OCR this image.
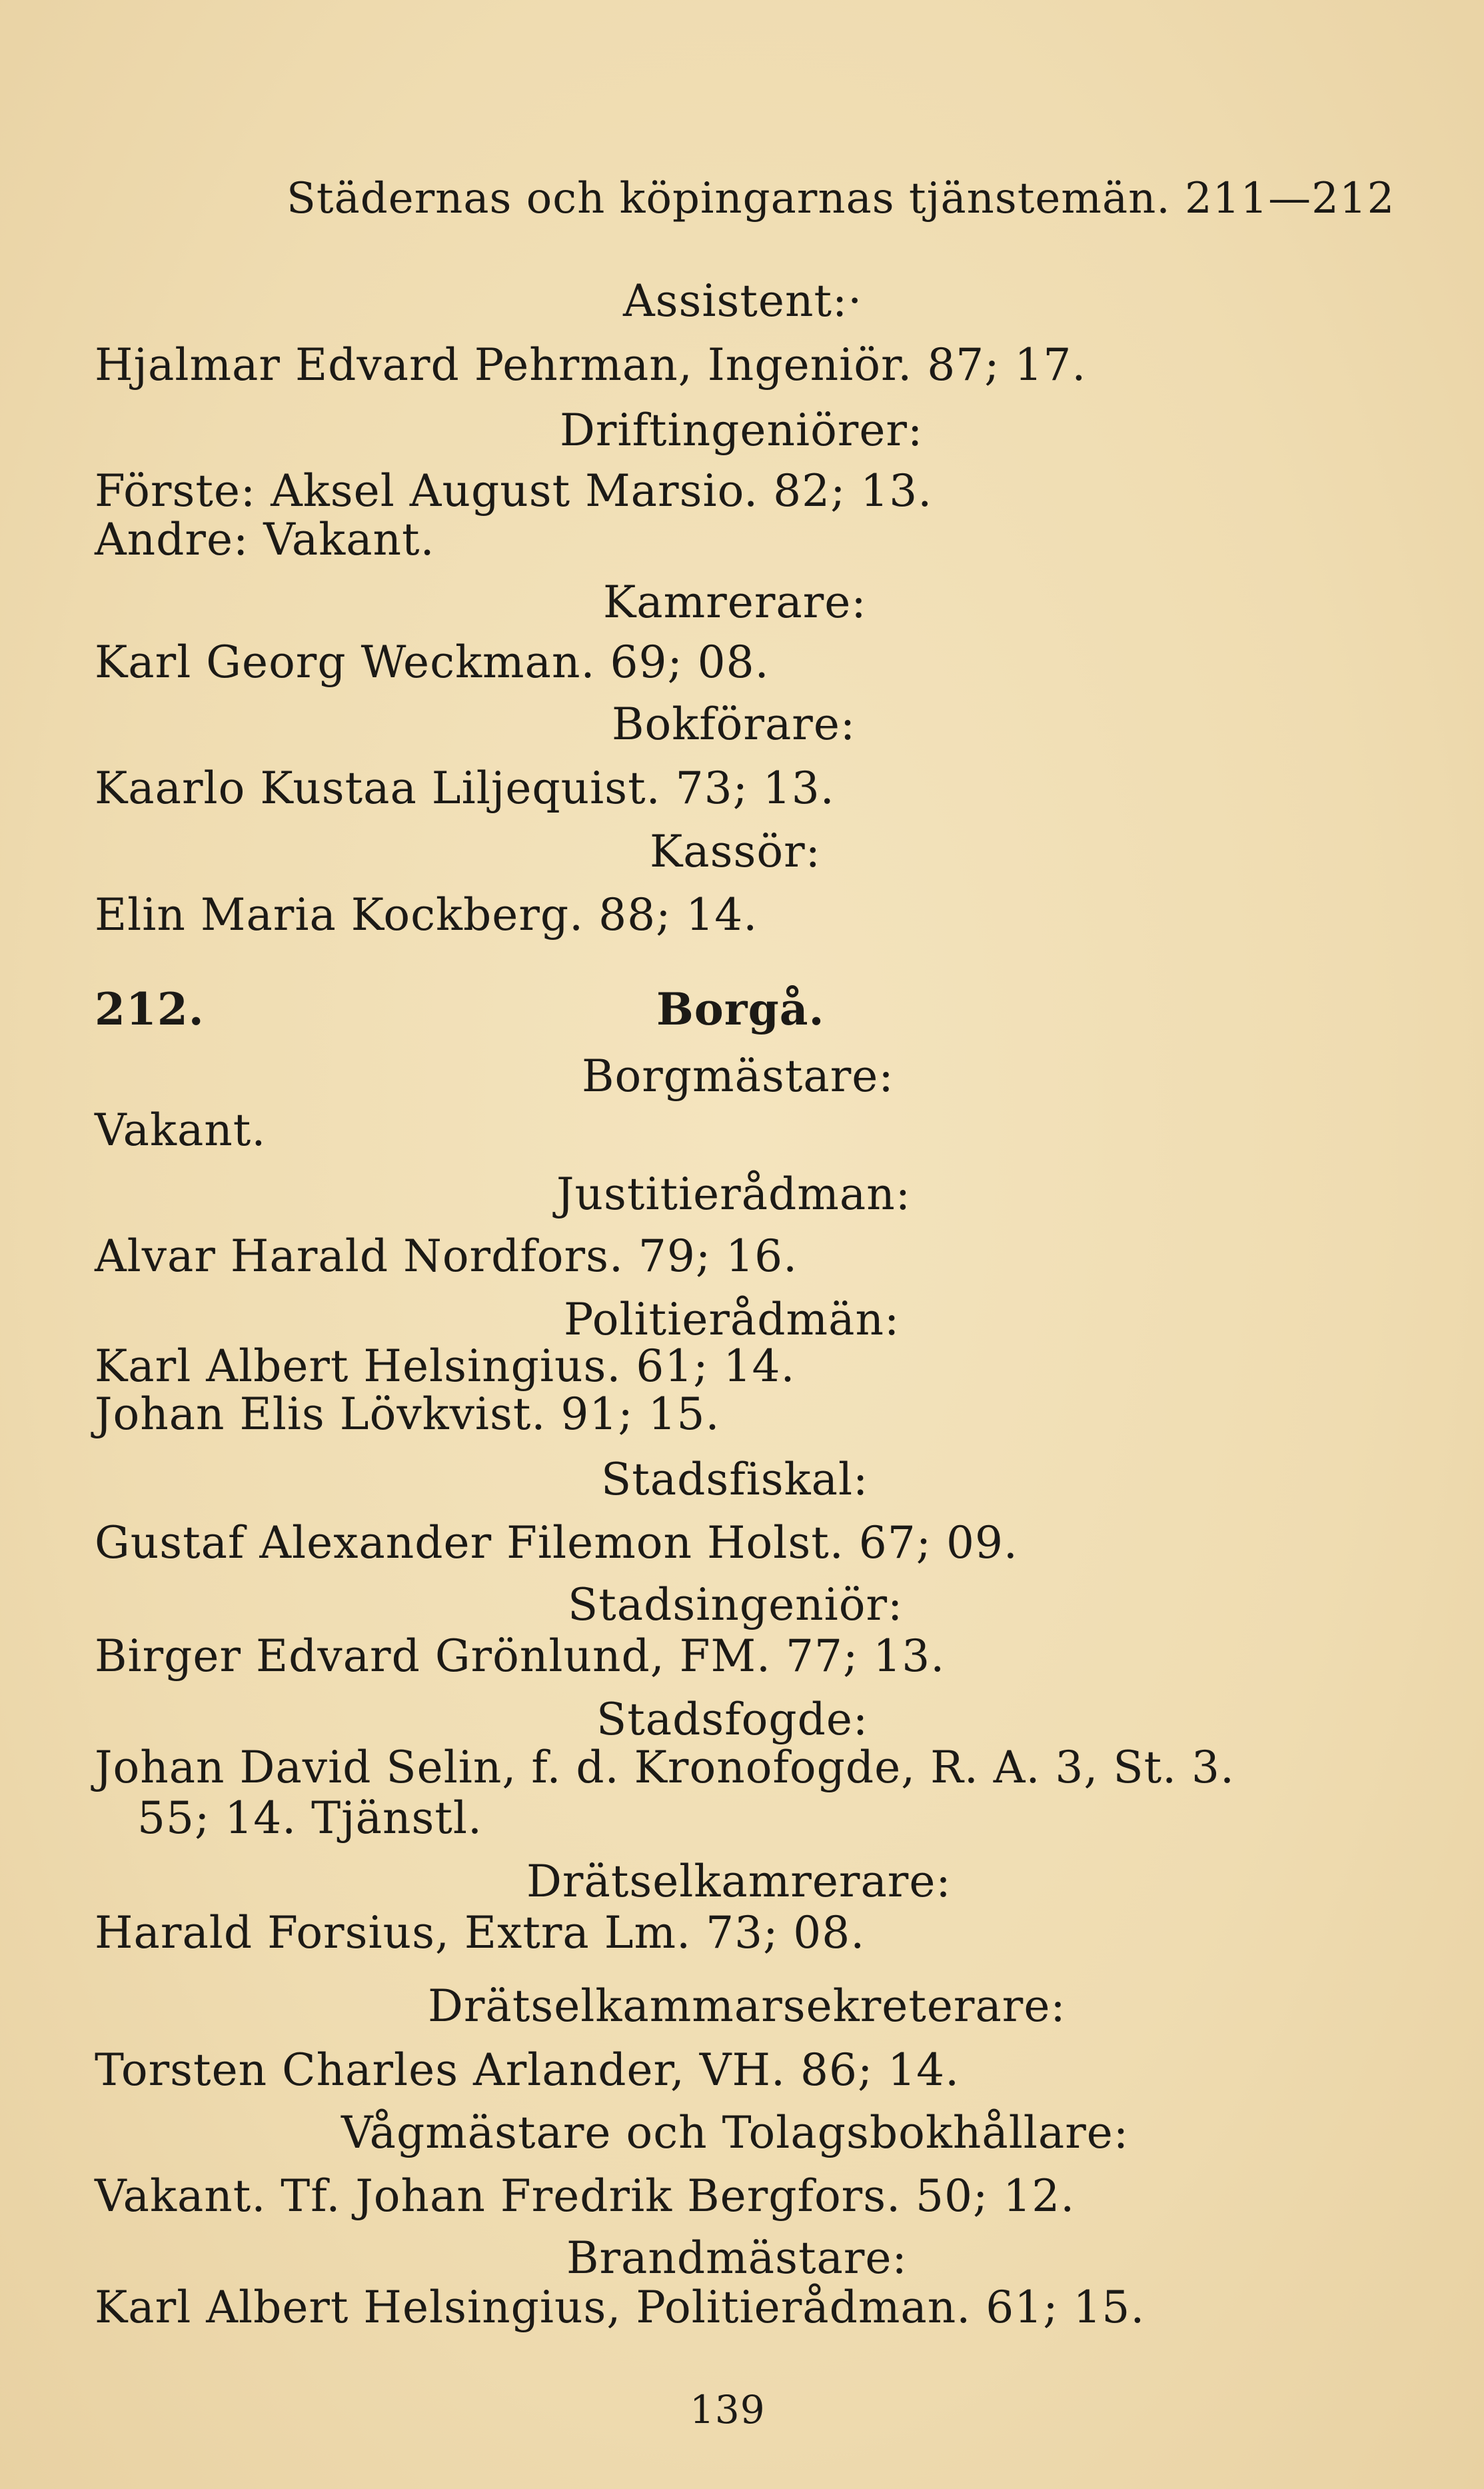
Städernas och köpingarnas tjänstemän. 211—212
Assistent:·
Hjalmar Edvard Pehrman, Ingeniör. 87; 17.
Driftingeniörer:
Förste: Aksel August Marsio. 82; 13.
Andre: Vakant.
Kamrerare:
Karl Georg Weckman. 69; 08.
Bokförare:
Kaarlo Kustaa Liljequist. 73; 13.
Kassör:
Elin Maria Kockberg. 88; 14.
212.	Borgå.
Borgmästare:
Vakant.
Justitierådman:
Alvar Harald Nordfors. 79; 16.
Politierådmän:
Karl Albert Helsingius. 61; 14.
Johan Elis Lövkvist. 91; 15.
Stadsfiskal:
Gustaf Alexander Filemon Holst. 67; 09.
Stadsingeniör:
Birger Edvard Grönlund, FM. 77; 13.
Stadsfogde:
Johan David Selin, f. d. Kronofogde, R. A. 3, St. 3.
55; 14. Tjänstl.
Drätselkamrerare:
Harald Forsius, Extra Lm. 73; 08.
Drätselkammarsekreterare:
Torsten Charles Arlander, VH. 86; 14.
Vågmästare och Tolagsbokhållare:
Vakant. Tf. Johan Fredrik Bergfors. 50; 12.
Brandmästare:
Karl Albert Helsingius, Politierådman. 61; 15.
139
